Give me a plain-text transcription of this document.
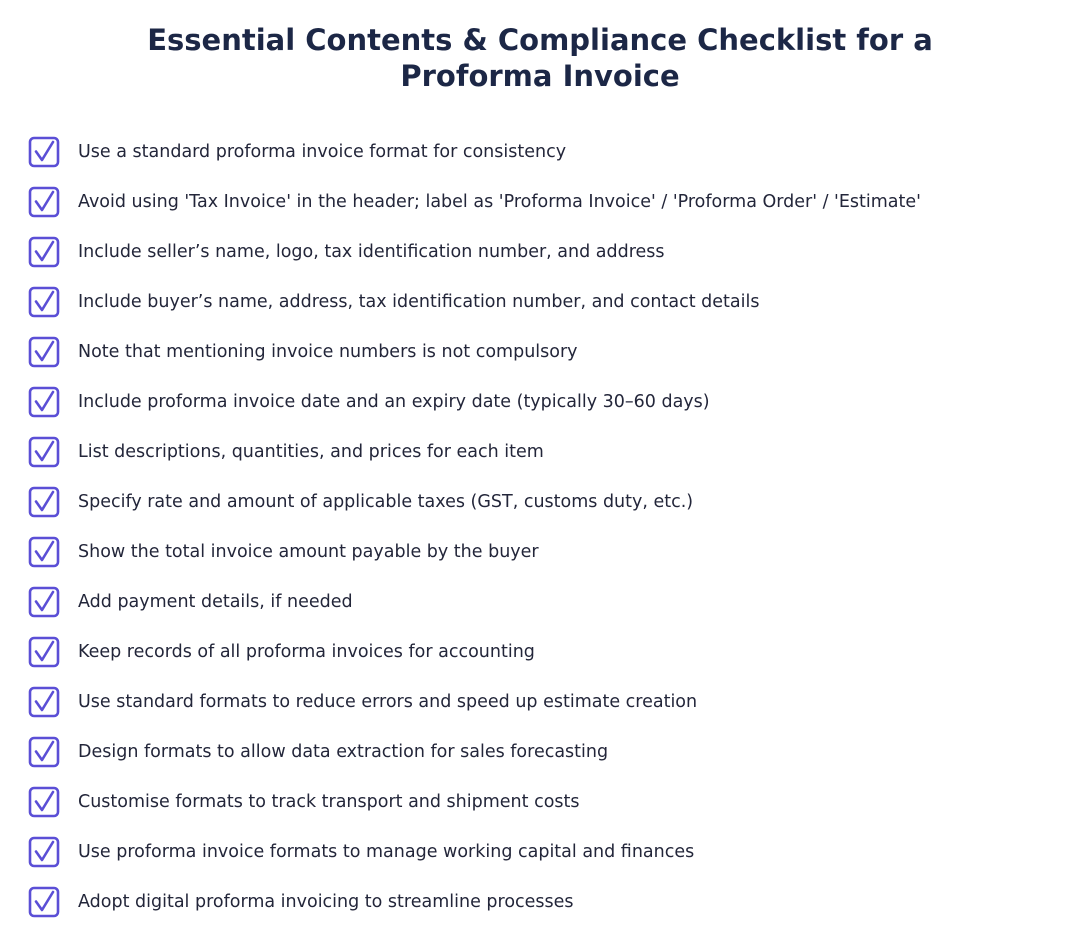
Essential Contents & Compliance Checklist for a
Proforma Invoice
Use a standard proforma invoice format for consistency
Avoid using 'Tax Invoice' in the header; label as 'Proforma Invoice' / 'Proforma Order' / 'Estimate'
Include seller’s name, logo, tax identification number, and address
Include buyer’s name, address, tax identification number, and contact details
Note that mentioning invoice numbers is not compulsory
Include proforma invoice date and an expiry date (typically 30–60 days)
List descriptions, quantities, and prices for each item
Specify rate and amount of applicable taxes (GST, customs duty, etc.)
Show the total invoice amount payable by the buyer
Add payment details, if needed
Keep records of all proforma invoices for accounting
Use standard formats to reduce errors and speed up estimate creation
Design formats to allow data extraction for sales forecasting
Customise formats to track transport and shipment costs
Use proforma invoice formats to manage working capital and finances
Adopt digital proforma invoicing to streamline processes
